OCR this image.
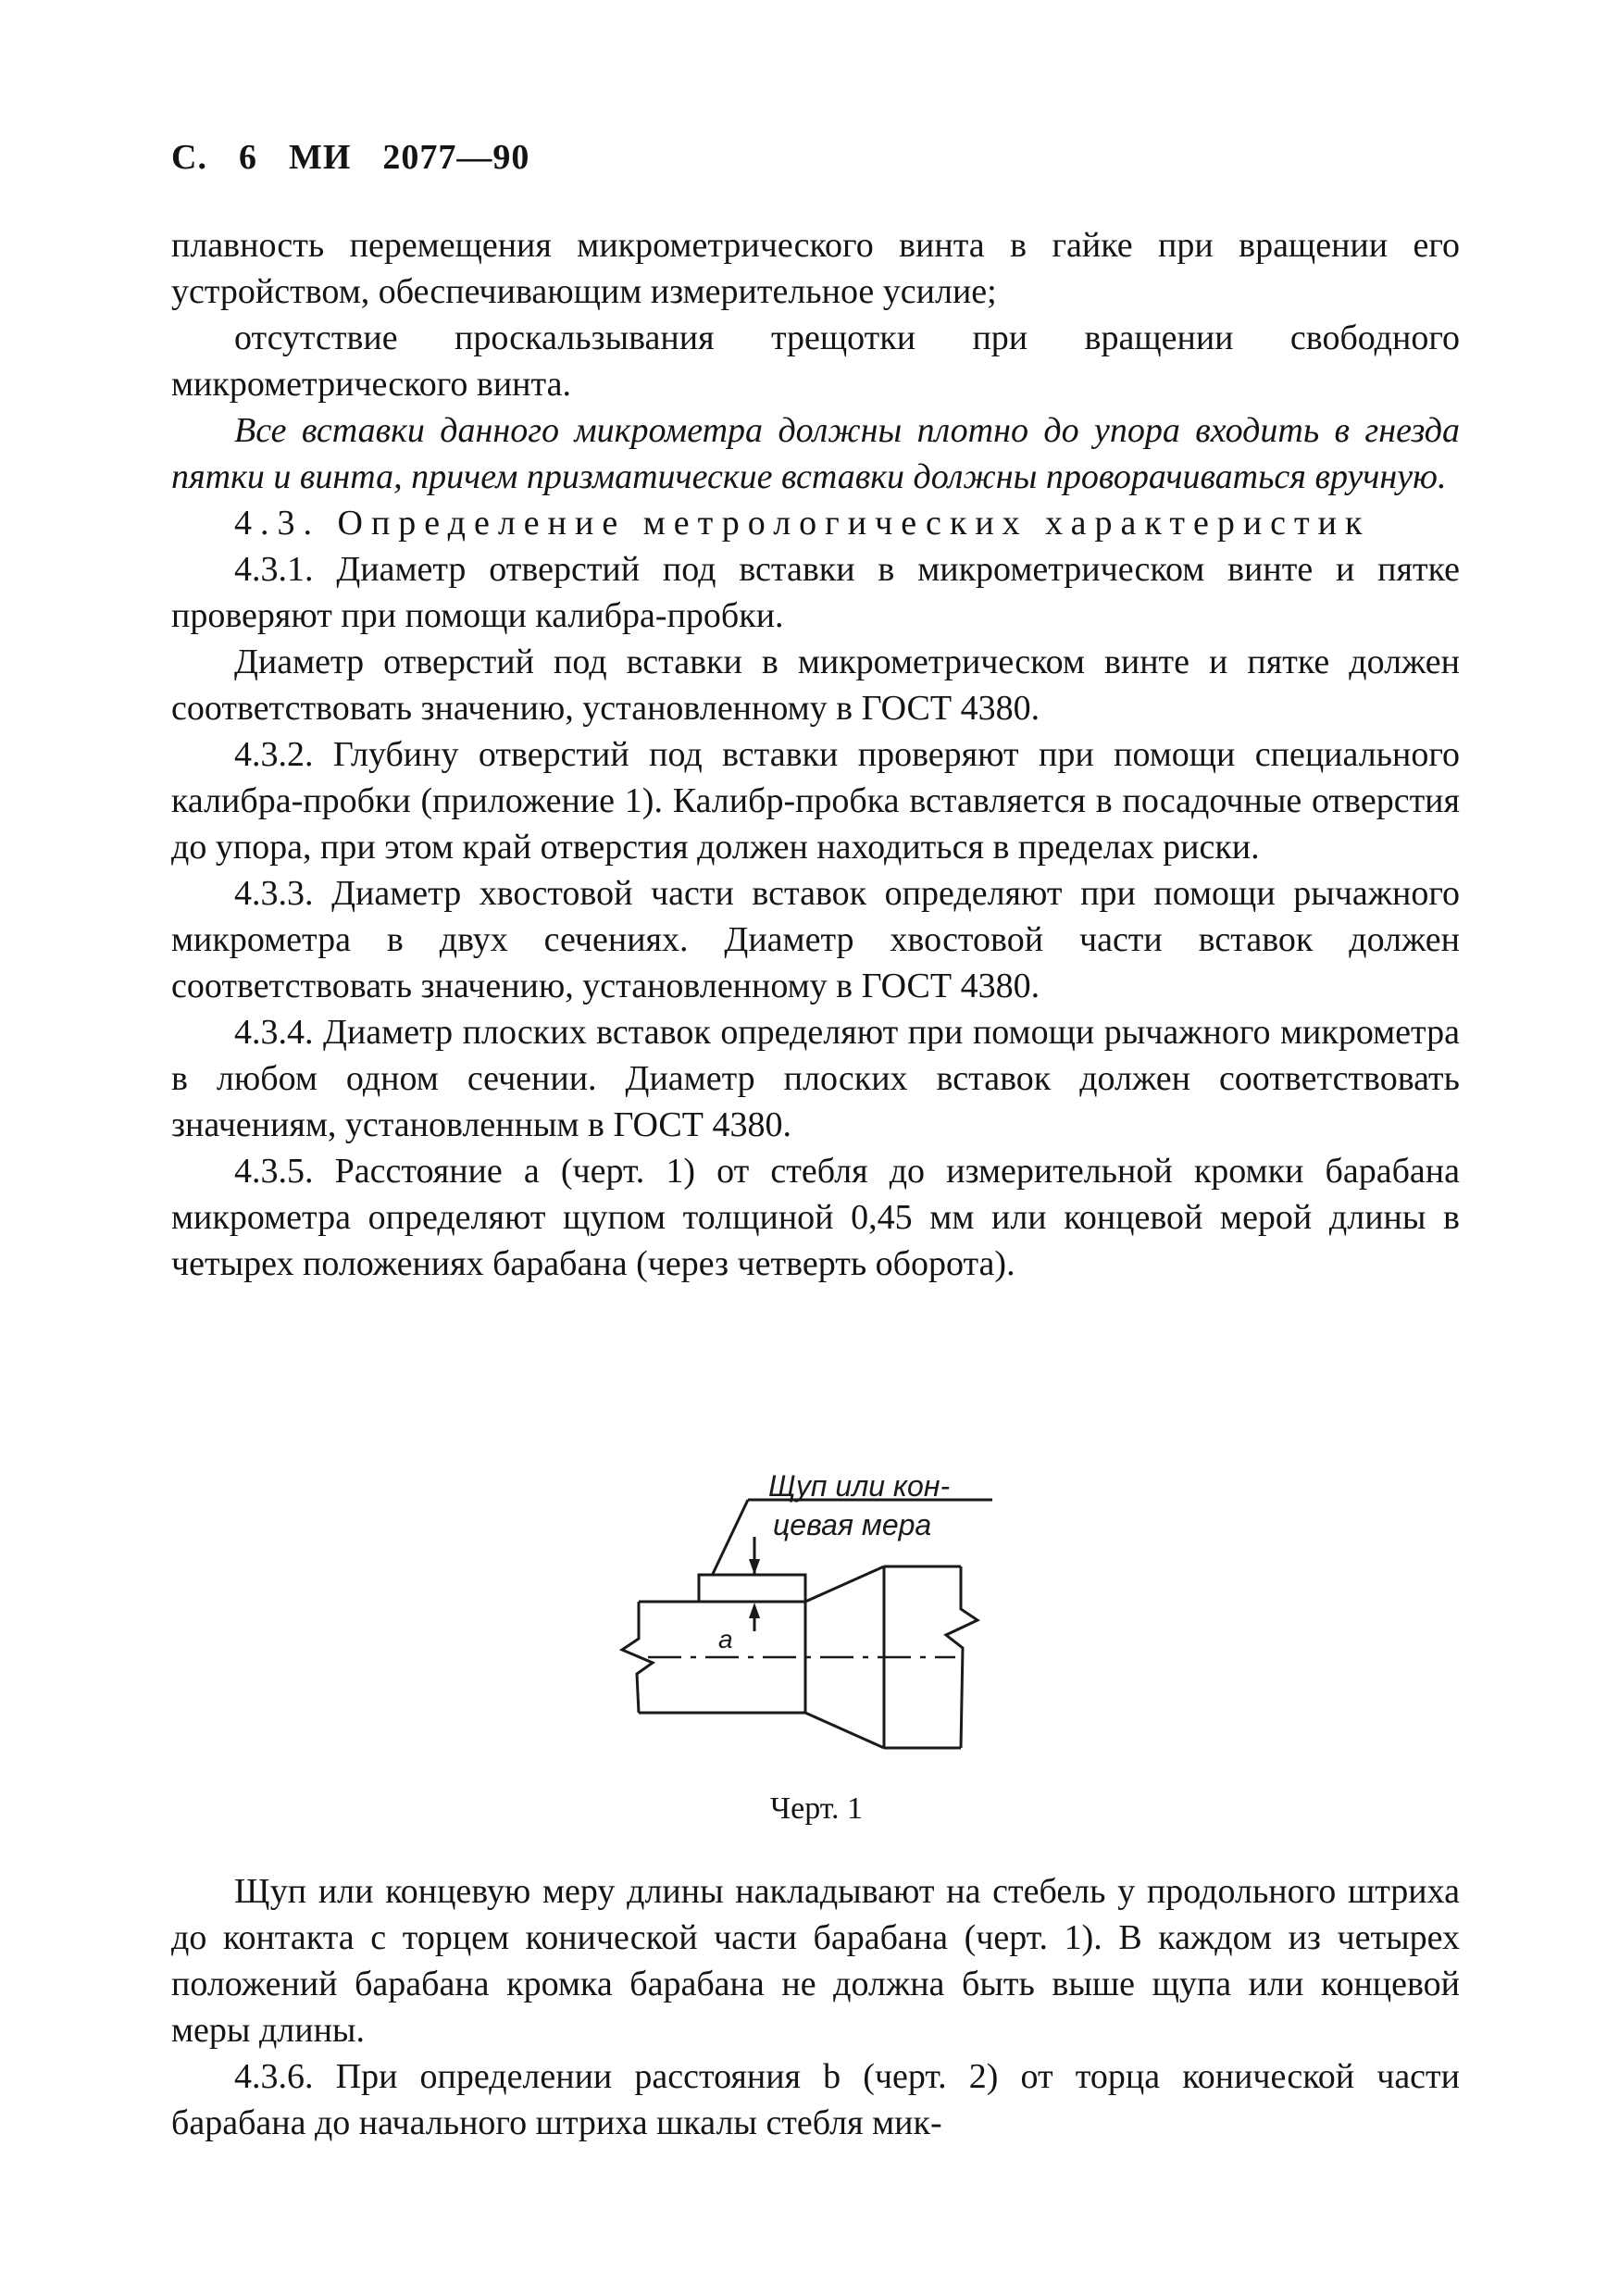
С. 6 МИ 2077—90

плавность перемещения микрометрического винта в гайке при вращении его устройством, обеспечивающим измерительное усилие;

отсутствие проскальзывания трещотки при вращении свободного микрометрического винта.

Все вставки данного микрометра должны плотно до упора входить в гнезда пятки и винта, причем призматические вставки должны проворачиваться вручную.

4.3. Определение метрологических характеристик

4.3.1. Диаметр отверстий под вставки в микрометрическом винте и пятке проверяют при помощи калибра-пробки.

Диаметр отверстий под вставки в микрометрическом винте и пятке должен соответствовать значению, установленному в ГОСТ 4380.

4.3.2. Глубину отверстий под вставки проверяют при помощи специального калибра-пробки (приложение 1). Калибр-пробка вставляется в посадочные отверстия до упора, при этом край отверстия должен находиться в пределах риски.

4.3.3. Диаметр хвостовой части вставок определяют при помощи рычажного микрометра в двух сечениях. Диаметр хвостовой части вставок должен соответствовать значению, установленному в ГОСТ 4380.

4.3.4. Диаметр плоских вставок определяют при помощи рычажного микрометра в любом одном сечении. Диаметр плоских вставок должен соответствовать значениям, установленным в ГОСТ 4380.

4.3.5. Расстояние a (черт. 1) от стебля до измерительной кромки барабана микрометра определяют щупом толщиной 0,45 мм или концевой мерой длины в четырех положениях барабана (через четверть оборота).

Щуп или кон-
цевая мера
a
Черт. 1

Щуп или концевую меру длины накладывают на стебель у продольного штриха до контакта с торцем конической части барабана (черт. 1). В каждом из четырех положений барабана кромка барабана не должна быть выше щупа или концевой меры длины.

4.3.6. При определении расстояния b (черт. 2) от торца конической части барабана до начального штриха шкалы стебля мик-
